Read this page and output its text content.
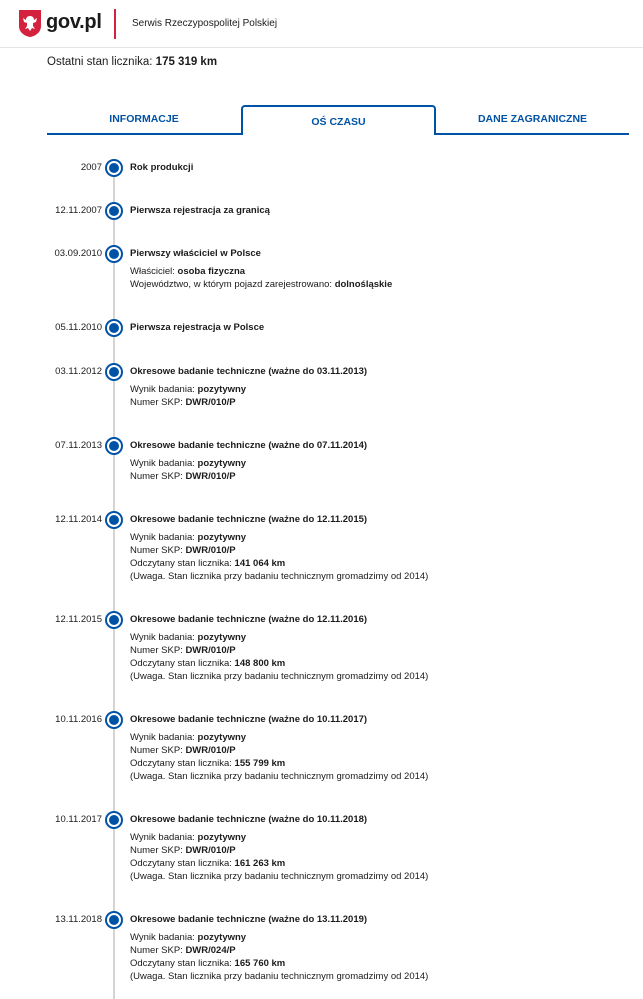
gov.pl	Serwis Rzeczypospolitej Polskiej
Ostatni stan licznika: 175 319 km
INFORMACJE	OŚ CZASU	DANE ZAGRANICZNE
2007	Rok produkcji
12.11.2007	Pierwsza rejestracja za granicą
03.09.2010	Pierwszy właściciel w Polsce
Właściciel: osoba fizyczna
Województwo, w którym pojazd zarejestrowano: dolnośląskie
05.11.2010	Pierwsza rejestracja w Polsce
03.11.2012	Okresowe badanie techniczne (ważne do 03.11.2013)
Wynik badania: pozytywny
Numer SKP: DWR/010/P
07.11.2013	Okresowe badanie techniczne (ważne do 07.11.2014)
Wynik badania: pozytywny
Numer SKP: DWR/010/P
12.11.2014	Okresowe badanie techniczne (ważne do 12.11.2015)
Wynik badania: pozytywny
Numer SKP: DWR/010/P
Odczytany stan licznika: 141 064 km
(Uwaga. Stan licznika przy badaniu technicznym gromadzimy od 2014)
12.11.2015	Okresowe badanie techniczne (ważne do 12.11.2016)
Wynik badania: pozytywny
Numer SKP: DWR/010/P
Odczytany stan licznika: 148 800 km
(Uwaga. Stan licznika przy badaniu technicznym gromadzimy od 2014)
10.11.2016	Okresowe badanie techniczne (ważne do 10.11.2017)
Wynik badania: pozytywny
Numer SKP: DWR/010/P
Odczytany stan licznika: 155 799 km
(Uwaga. Stan licznika przy badaniu technicznym gromadzimy od 2014)
10.11.2017	Okresowe badanie techniczne (ważne do 10.11.2018)
Wynik badania: pozytywny
Numer SKP: DWR/010/P
Odczytany stan licznika: 161 263 km
(Uwaga. Stan licznika przy badaniu technicznym gromadzimy od 2014)
13.11.2018	Okresowe badanie techniczne (ważne do 13.11.2019)
Wynik badania: pozytywny
Numer SKP: DWR/024/P
Odczytany stan licznika: 165 760 km
(Uwaga. Stan licznika przy badaniu technicznym gromadzimy od 2014)
